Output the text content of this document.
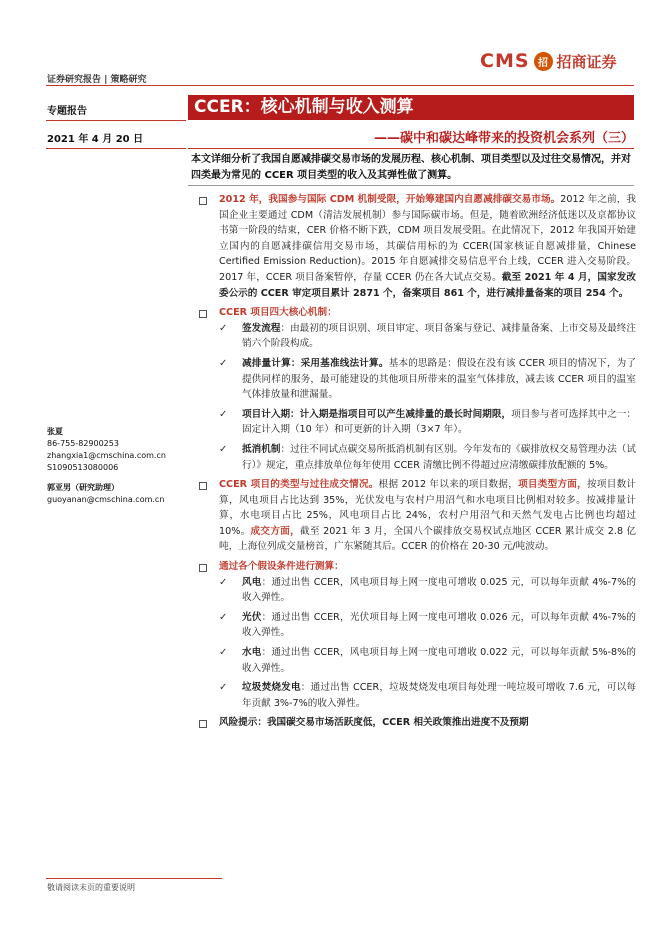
证券研究报告 | 策略研究
CMS 招 招商证券
专题报告
2021 年 4 月 20 日
CCER：核心机制与收入测算
——碳中和碳达峰带来的投资机会系列（三）
本文详细分析了我国自愿减排碳交易市场的发展历程、核心机制、项目类型以及过往交易情况，并对四类最为常见的 CCER 项目类型的收入及其弹性做了测算。
张夏
86-755-82900253
zhangxia1@cmschina.com.cn
S1090513080006
郭亚男（研究助理）
guoyanan@cmschina.com.cn
2012 年，我国参与国际 CDM 机制受限，开始筹建国内自愿减排碳交易市场。2012 年之前，我国企业主要通过 CDM（清洁发展机制）参与国际碳市场。但是，随着欧洲经济低迷以及京都协议书第一阶段的结束，CER 价格不断下跌，CDM 项目发展受阻。在此情况下，2012 年我国开始建立国内的自愿减排碳信用交易市场，其碳信用标的为 CCER(国家核证自愿减排量，Chinese Certified Emission Reduction)。2015 年自愿减排交易信息平台上线，CCER 进入交易阶段。2017 年，CCER 项目备案暂停，存量 CCER 仍在各大试点交易。截至 2021 年 4 月，国家发改委公示的 CCER 审定项目累计 2871 个，备案项目 861 个，进行减排量备案的项目 254 个。
CCER 项目四大核心机制：
✓ 签发流程：由最初的项目识别、项目审定、项目备案与登记、减排量备案、上市交易及最终注销六个阶段构成。
✓ 减排量计算：采用基准线法计算。基本的思路是：假设在没有该 CCER 项目的情况下，为了提供同样的服务，最可能建设的其他项目所带来的温室气体排放，减去该 CCER 项目的温室气体排放量和泄漏量。
✓ 项目计入期：计入期是指项目可以产生减排量的最长时间期限，项目参与者可选择其中之一：固定计入期（10 年）和可更新的计入期（3×7 年）。
✓ 抵消机制：过往不同试点碳交易所抵消机制有区别。今年发布的《碳排放权交易管理办法（试行）》规定，重点排放单位每年使用 CCER 清缴比例不得超过应清缴碳排放配额的 5%。
CCER 项目的类型与过往成交情况。根据 2012 年以来的项目数据，项目类型方面，按项目数计算，风电项目占比达到 35%，光伏发电与农村户用沼气和水电项目比例相对较多。按减排量计算，水电项目占比 25%，风电项目占比 24%，农村户用沼气和天然气发电占比例也均超过 10%。成交方面，截至 2021 年 3 月，全国八个碳排放交易权试点地区 CCER 累计成交 2.8 亿吨，上海位列成交量榜首，广东紧随其后。CCER 的价格在 20-30 元/吨波动。
通过各个假设条件进行测算：
✓ 风电：通过出售 CCER，风电项目每上网一度电可增收 0.025 元，可以每年贡献 4%-7%的收入弹性。
✓ 光伏：通过出售 CCER，光伏项目每上网一度电可增收 0.026 元，可以每年贡献 4%-7%的收入弹性。
✓ 水电：通过出售 CCER，风电项目每上网一度电可增收 0.022 元，可以每年贡献 5%-8%的收入弹性。
✓ 垃圾焚烧发电：通过出售 CCER，垃圾焚烧发电项目每处理一吨垃圾可增收 7.6 元，可以每年贡献 3%-7%的收入弹性。
风险提示：我国碳交易市场活跃度低，CCER 相关政策推出进度不及预期
敬请阅读末页的重要说明
